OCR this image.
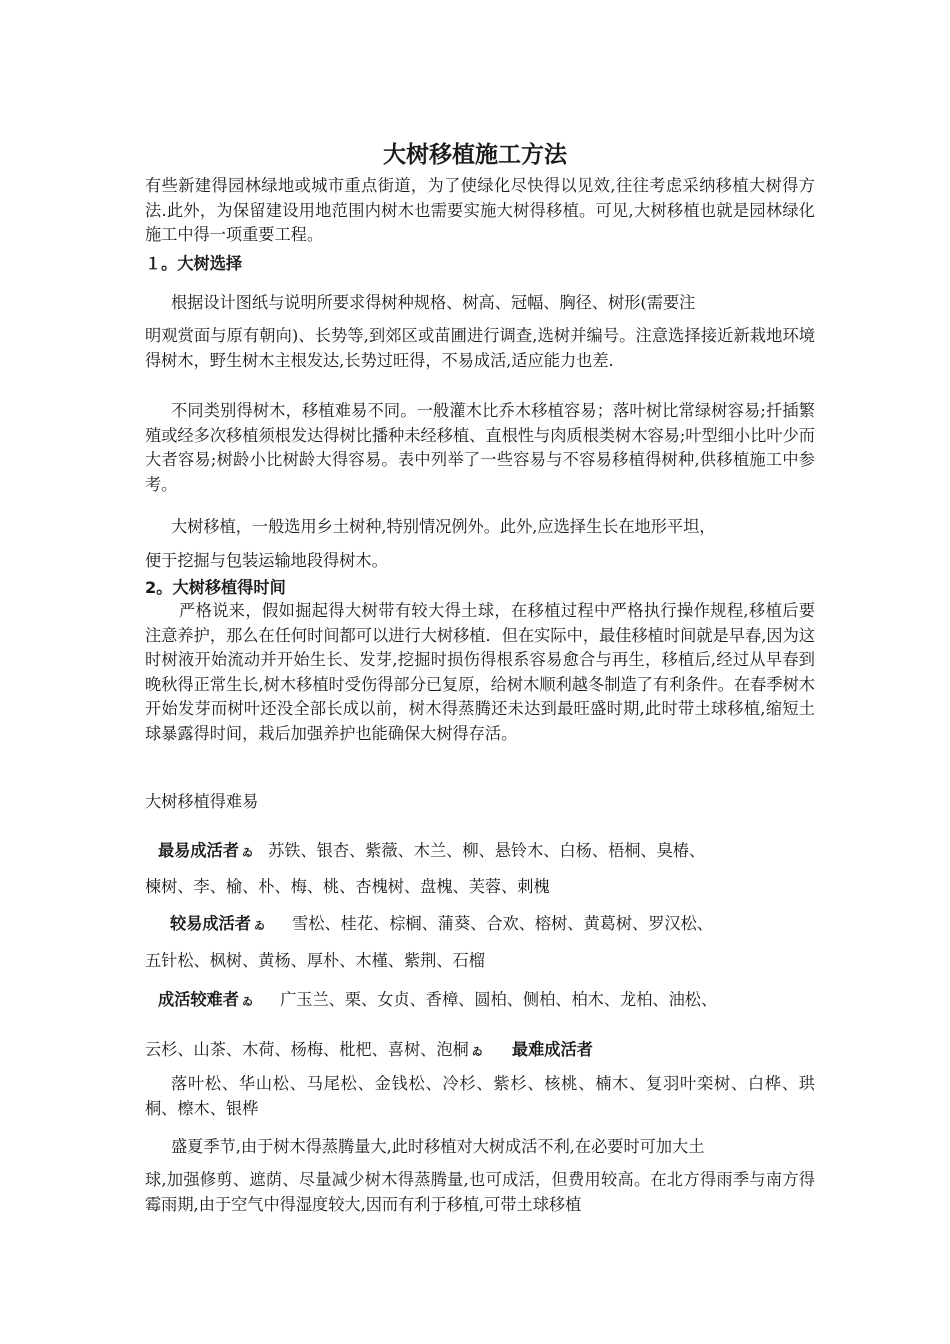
大树移植施工方法

有些新建得园林绿地或城市重点街道，为了使绿化尽快得以见效,往往考虑采纳移植大树得方法.此外，为保留建设用地范围内树木也需要实施大树得移植。可见,大树移植也就是园林绿化施工中得一项重要工程。

１。大树选择

根据设计图纸与说明所要求得树种规格、树高、冠幅、胸径、树形(需要注

明观赏面与原有朝向)、长势等,到郊区或苗圃进行调查,选树并编号。注意选择接近新栽地环境得树木，野生树木主根发达,长势过旺得，不易成活,适应能力也差.

不同类别得树木，移植难易不同。一般灌木比乔木移植容易；落叶树比常绿树容易;扦插繁殖或经多次移植须根发达得树比播种未经移植、直根性与肉质根类树木容易;叶型细小比叶少而大者容易;树龄小比树龄大得容易。表中列举了一些容易与不容易移植得树种,供移植施工中参考。

大树移植，一般选用乡土树种,特别情况例外。此外,应选择生长在地形平坦，

便于挖掘与包装运输地段得树木。

2。大树移植得时间

严格说来，假如掘起得大树带有较大得土球，在移植过程中严格执行操作规程,移植后要注意养护，那么在任何时间都可以进行大树移植．但在实际中，最佳移植时间就是早春,因为这时树液开始流动并开始生长、发芽,挖掘时损伤得根系容易愈合与再生，移植后,经过从早春到晚秋得正常生长,树木移植时受伤得部分已复原，给树木顺利越冬制造了有利条件。在春季树木开始发芽而树叶还没全部长成以前，树木得蒸腾还未达到最旺盛时期,此时带土球移植,缩短土球暴露得时间，栽后加强养护也能确保大树得存活。

大树移植得难易

最易成活者 ゐ 苏铁、银杏、紫薇、木兰、柳、悬铃木、白杨、梧桐、臭椿、

楝树、李、榆、朴、梅、桃、杏槐树、盘槐、芙蓉、刺槐

较易成活者 ゐ 雪松、桂花、棕榈、蒲葵、合欢、榕树、黄葛树、罗汉松、

五针松、枫树、黄杨、厚朴、木槿、紫荆、石榴

成活较难者 ゐ 广玉兰、栗、女贞、香樟、圆柏、侧柏、柏木、龙柏、油松、

云杉、山茶、木荷、杨梅、枇杷、喜树、泡桐 ゐ 最难成活者

落叶松、华山松、马尾松、金钱松、冷杉、紫杉、核桃、楠木、复羽叶栾树、白桦、珙桐、檫木、银桦

盛夏季节,由于树木得蒸腾量大,此时移植对大树成活不利,在必要时可加大土

球,加强修剪、遮荫、尽量减少树木得蒸腾量,也可成活，但费用较高。在北方得雨季与南方得霉雨期,由于空气中得湿度较大,因而有利于移植,可带土球移植
